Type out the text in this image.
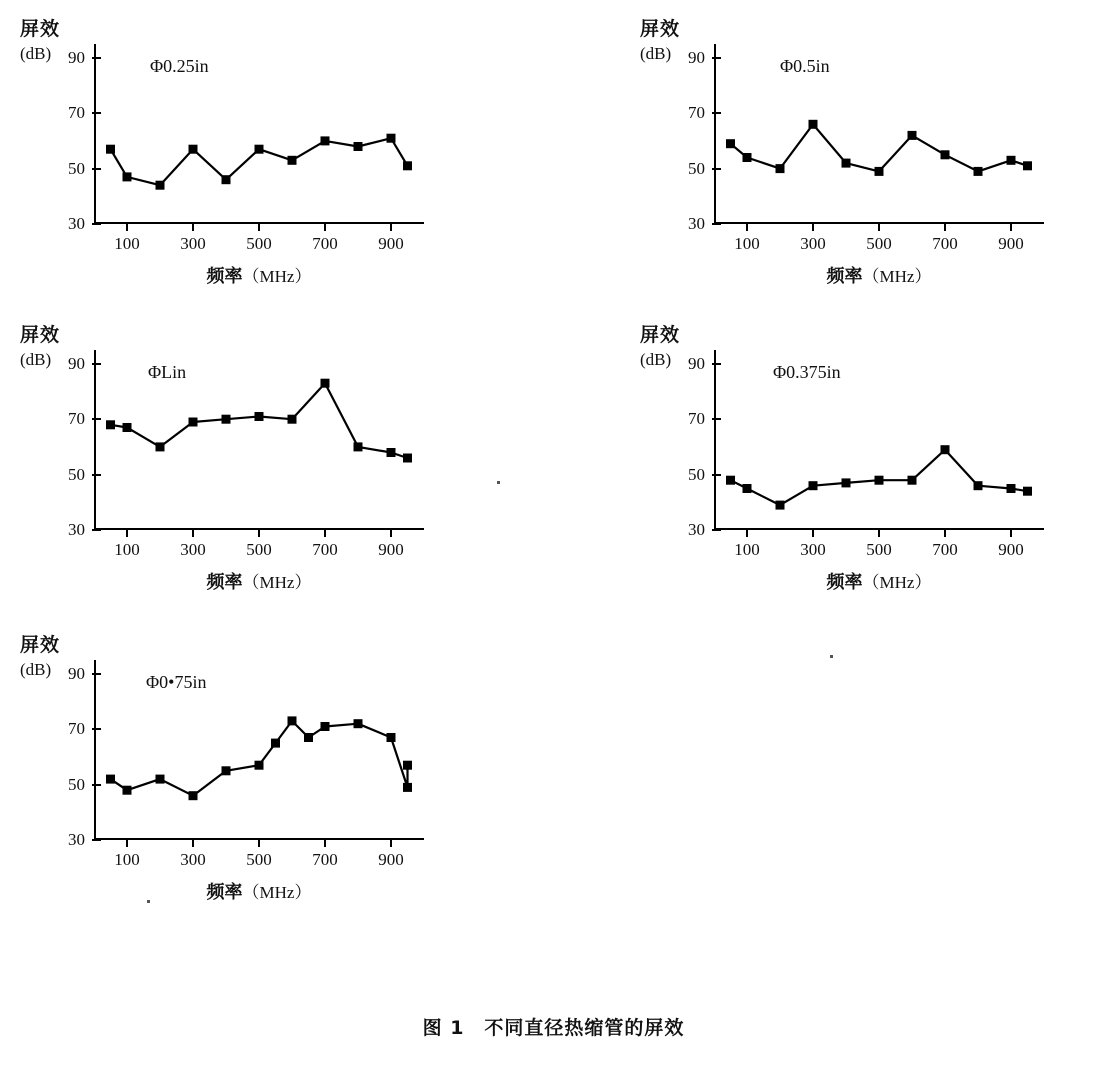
屏效
(dB)
30
50
70
90
100 300 500 700 900
Φ0.25in
频率（MHz）
屏效
(dB)
30
50
70
90
100 300 500 700 900
Φ0.5in
频率（MHz）
屏效
(dB)
30
50
70
90
100 300 500 700 900
ΦLin
频率（MHz）
屏效
(dB)
30
50
70
90
100 300 500 700 900
Φ0.375in
频率（MHz）
屏效
(dB)
30
50
70
90
100 300 500 700 900
Φ0•75in
频率（MHz）
图 1　不同直径热缩管的屏效
